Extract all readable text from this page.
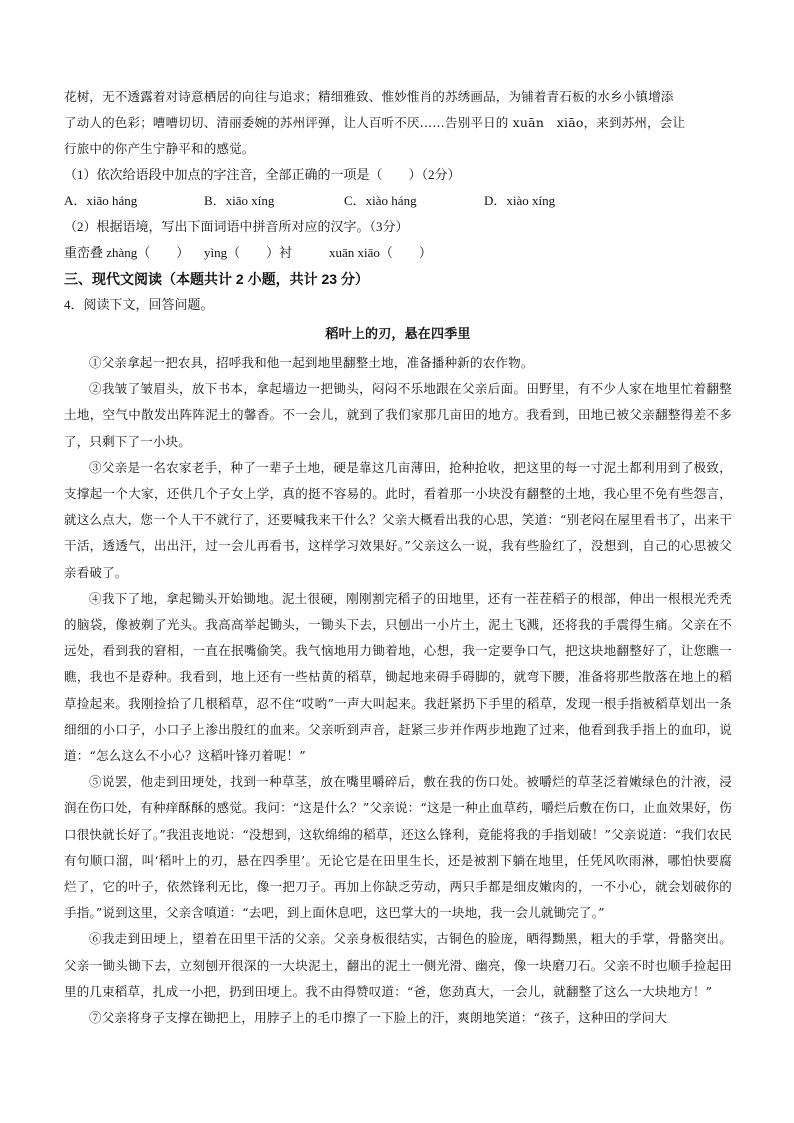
花树，无不透露着对诗意栖居的向往与追求；精细雅致、惟妙惟肖的苏绣画品，为铺着青石板的水乡小镇增添

了动人的色彩；嘈嘈切切、清丽委婉的苏州评弹，让人百听不厌……告别平日的 xuān　xiāo，来到苏州，会让

行旅中的你产生宁静平和的感觉。

（1）依次给语段中加点的字注音，全部正确的一项是（　　）（2分）

A．xiāo háng	B．xiāo xíng	C．xiào háng	D．xiào xíng

（2）根据语境，写出下面词语中拼音所对应的汉字。（3分）

重峦叠 zhàng（　　） yìng（　　）衬	xuān xiāo（　　）

三、现代文阅读（本题共计 2 小题，共计 23 分）

4．阅读下文，回答问题。

稻叶上的刃，悬在四季里

①父亲拿起一把农具，招呼我和他一起到地里翻整土地，准备播种新的农作物。

②我皱了皱眉头，放下书本，拿起墙边一把锄头，闷闷不乐地跟在父亲后面。田野里，有不少人家在地里忙着翻整土地，空气中散发出阵阵泥土的馨香。不一会儿，就到了我们家那几亩田的地方。我看到，田地已被父亲翻整得差不多了，只剩下了一小块。

③父亲是一名农家老手，种了一辈子土地，硬是靠这几亩薄田，抢种抢收，把这里的每一寸泥土都利用到了极致，支撑起一个大家，还供几个子女上学，真的挺不容易的。此时，看着那一小块没有翻整的土地，我心里不免有些怨言，就这么点大，您一个人干不就行了，还要喊我来干什么？父亲大概看出我的心思，笑道：“别老闷在屋里看书了，出来干干活，透透气，出出汗，过一会儿再看书，这样学习效果好。”父亲这么一说，我有些脸红了，没想到，自己的心思被父亲看破了。

④我下了地，拿起锄头开始锄地。泥土很硬，刚刚割完稻子的田地里，还有一茬茬稻子的根部，伸出一根根光秃秃的脑袋，像被剃了光头。我高高举起锄头，一锄头下去，只刨出一小片土，泥土飞溅，还将我的手震得生痛。父亲在不远处，看到我的窘相，一直在抿嘴偷笑。我气恼地用力锄着地，心想，我一定要争口气，把这块地翻整好了，让您瞧一瞧，我也不是孬种。我看到，地上还有一些枯黄的稻草，锄起地来碍手碍脚的，就弯下腰，准备将那些散落在地上的稻草捡起来。我刚捡拾了几根稻草，忍不住“哎哟”一声大叫起来。我赶紧扔下手里的稻草，发现一根手指被稻草划出一条细细的小口子，小口子上渗出殷红的血来。父亲听到声音，赶紧三步并作两步地跑了过来，他看到我手指上的血印，说道：“怎么这么不小心？这稻叶锋刃着呢！”

⑤说罢，他走到田埂处，找到一种草茎，放在嘴里嚼碎后，敷在我的伤口处。被嚼烂的草茎泛着嫩绿色的汁液，浸润在伤口处，有种痒酥酥的感觉。我问：“这是什么？”父亲说：“这是一种止血草药，嚼烂后敷在伤口，止血效果好，伤口很快就长好了。”我沮丧地说：“没想到，这软绵绵的稻草，还这么锋利，竟能将我的手指划破！”父亲说道：“我们农民有句顺口溜，叫‘稻叶上的刃，悬在四季里’。无论它是在田里生长，还是被割下躺在地里，任凭风吹雨淋，哪怕快要腐烂了，它的叶子，依然锋利无比，像一把刀子。再加上你缺乏劳动，两只手都是细皮嫩肉的，一不小心，就会划破你的手指。”说到这里，父亲含嗔道：“去吧，到上面休息吧，这巴掌大的一块地，我一会儿就锄完了。”

⑥我走到田埂上，望着在田里干活的父亲。父亲身板很结实，古铜色的脸庞，晒得黝黑，粗大的手掌，骨骼突出。父亲一锄头锄下去，立刻刨开很深的一大块泥土，翻出的泥土一侧光滑、幽亮，像一块磨刀石。父亲不时也顺手捡起田里的几束稻草，扎成一小把，扔到田埂上。我不由得赞叹道：“爸，您劲真大，一会儿，就翻整了这么一大块地方！”

⑦父亲将身子支撑在锄把上，用脖子上的毛巾擦了一下脸上的汗，爽朗地笑道：“孩子，这种田的学问大
